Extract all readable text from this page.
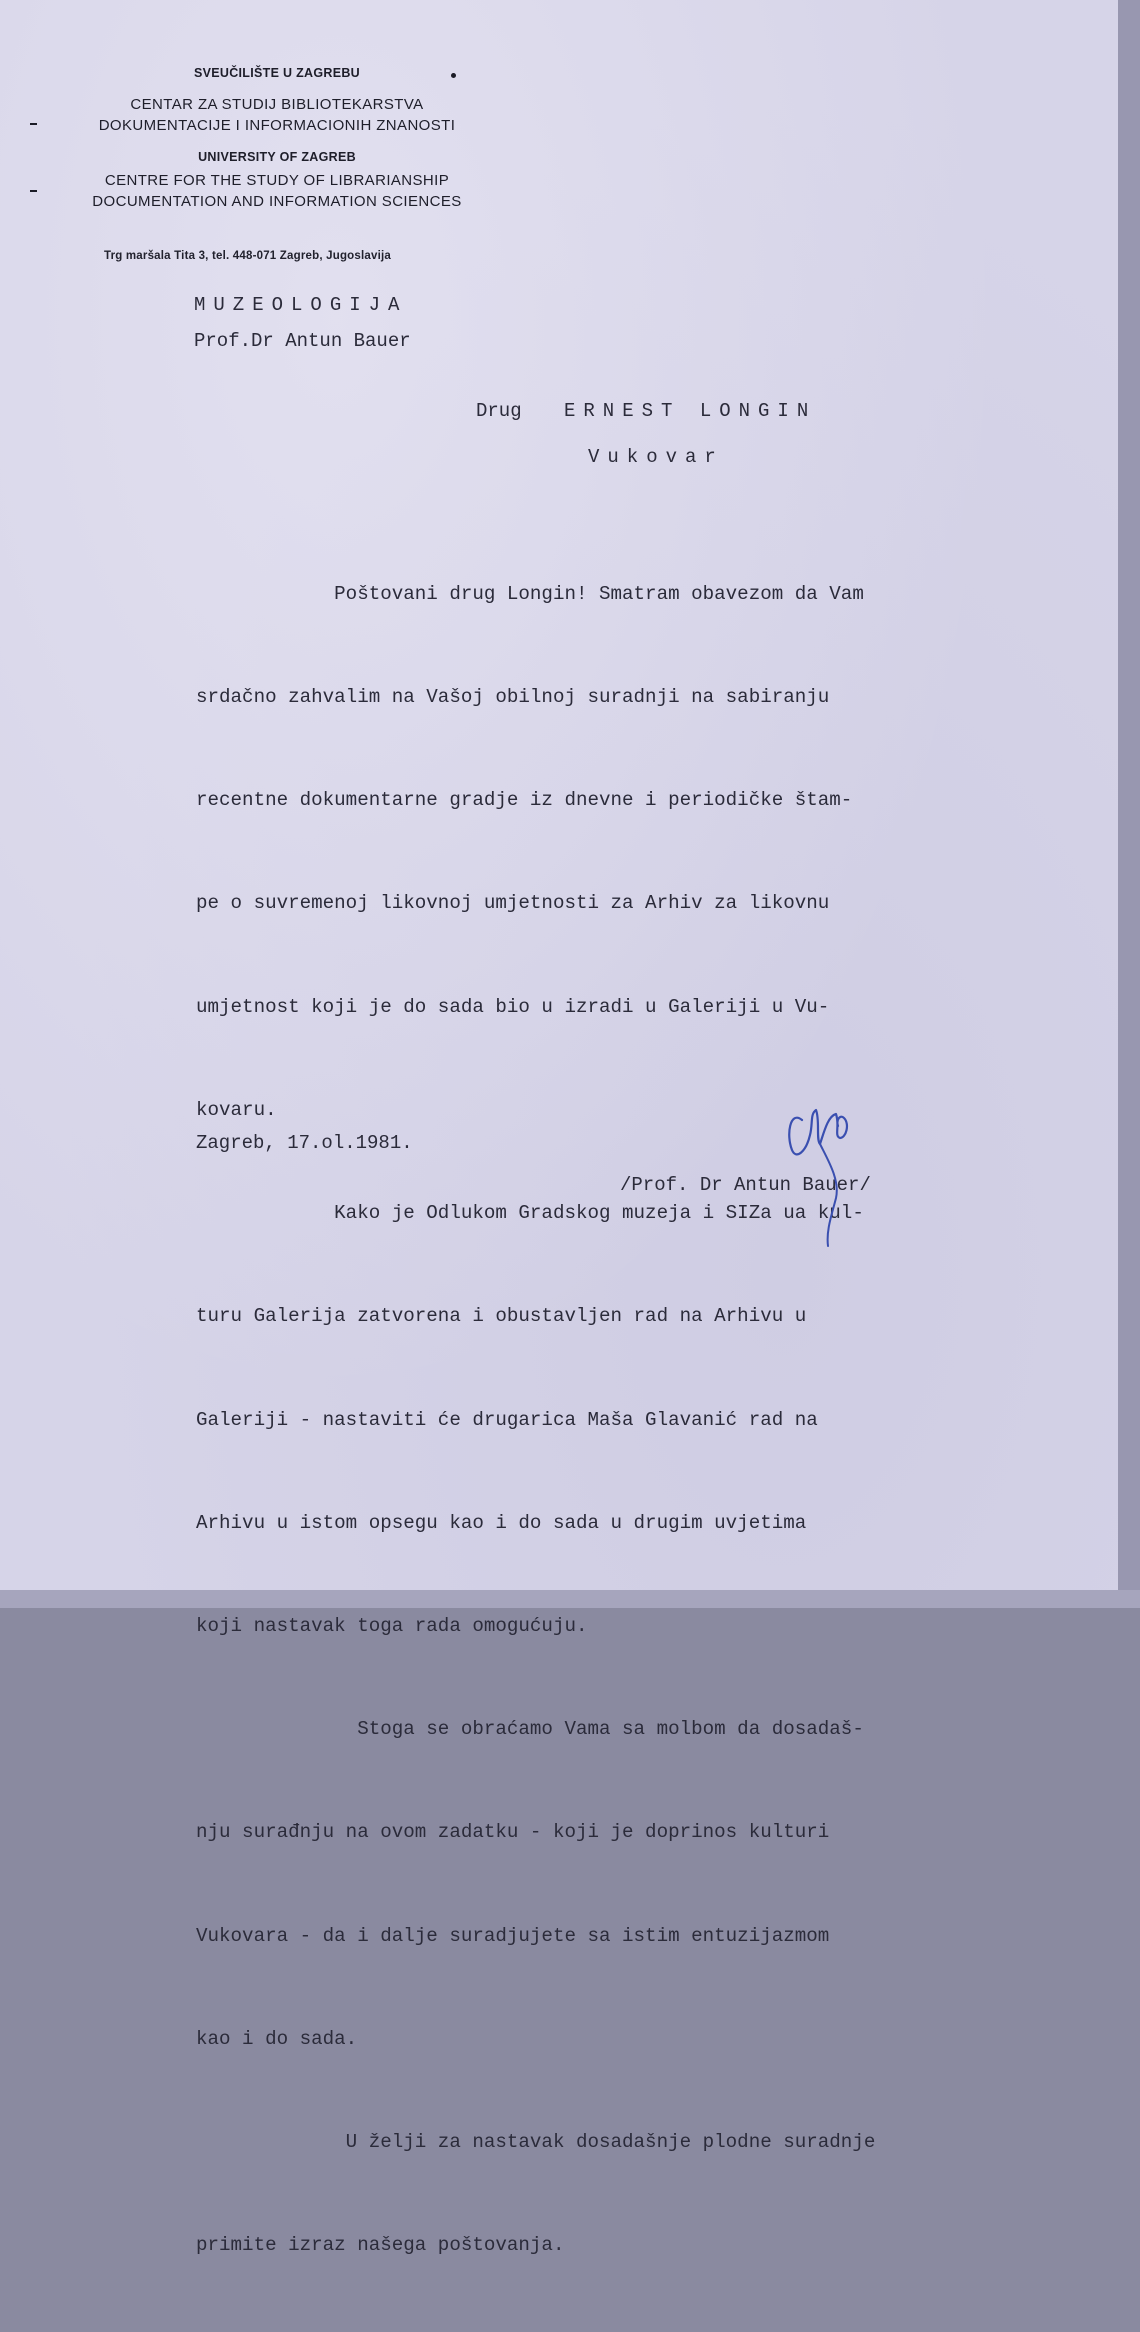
SVEUČILIŠTE U ZAGREBU
CENTAR ZA STUDIJ BIBLIOTEKARSTVA
DOKUMENTACIJE I INFORMACIONIH ZNANOSTI
UNIVERSITY OF ZAGREB
CENTRE FOR THE STUDY OF LIBRARIANSHIP
DOCUMENTATION AND INFORMATION SCIENCES
Trg maršala Tita 3, tel. 448-071 Zagreb, Jugoslavija
MUZEOLOGIJA
Prof.Dr Antun Bauer
Drug ERNEST LONGIN
Vukovar

Poštovani drug Longin! Smatram obavezom da Vam

srdačno zahvalim na Vašoj obilnoj suradnji na sabiranju

recentne dokumentarne gradje iz dnevne i periodičke štam-

pe o suvremenoj likovnoj umjetnosti za Arhiv za likovnu

umjetnost koji je do sada bio u izradi u Galeriji u Vu-

kovaru.

Kako je Odlukom Gradskog muzeja i SIZa ua kul-

turu Galerija zatvorena i obustavljen rad na Arhivu u

Galeriji - nastaviti će drugarica Maša Glavanić rad na

Arhivu u istom opsegu kao i do sada u drugim uvjetima

koji nastavak toga rada omogućuju.

Stoga se obraćamo Vama sa molbom da dosadaš-

nju surađnju na ovom zadatku - koji je doprinos kulturi

Vukovara - da i dalje suradjujete sa istim entuzijazmom

kao i do sada.

U želji za nastavak dosadašnje plodne suradnje

primite izraz našega poštovanja.

Zagreb, 17.ol.1981.
/Prof. Dr Antun Bauer/
